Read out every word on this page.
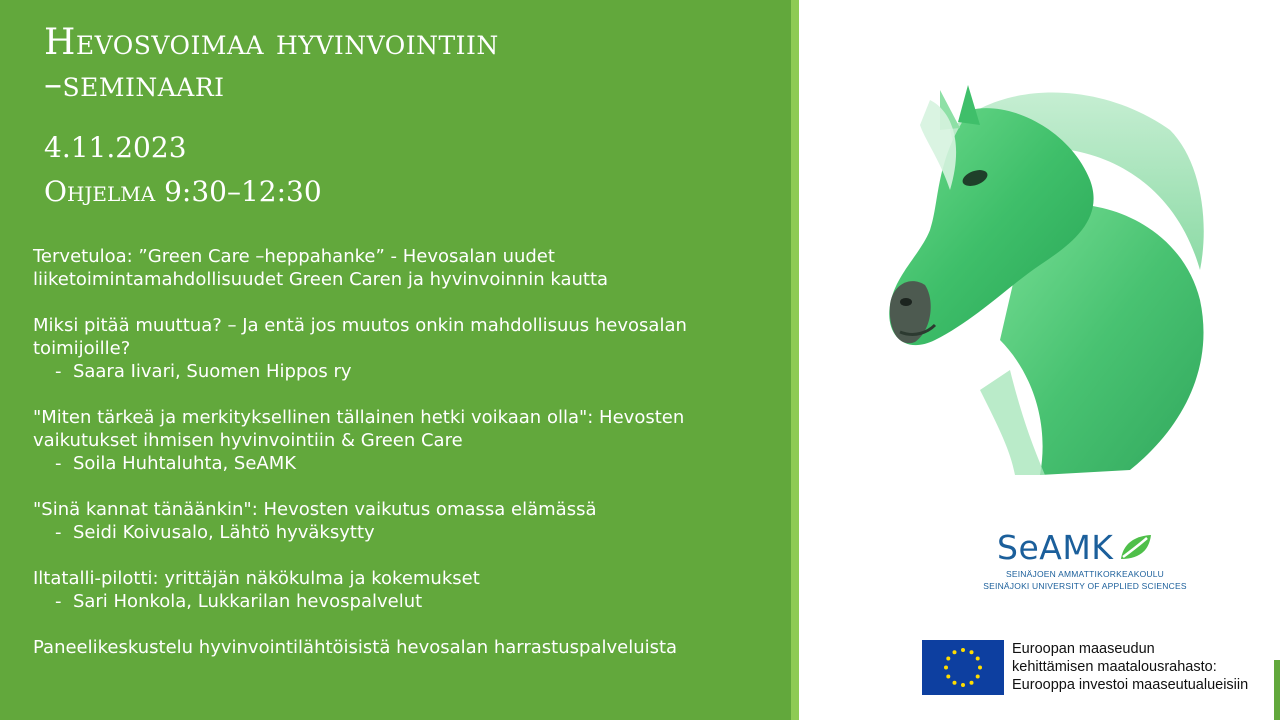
Hevosvoimaa hyvinvointiin
–seminaari
4.11.2023
Ohjelma 9:30–12:30

Tervetuloa: ”Green Care –heppahanke” - Hevosalan uudet

liiketoimintamahdollisuudet Green Caren ja hyvinvoinnin kautta

Miksi pitää muuttua? – Ja entä jos muutos onkin mahdollisuus hevosalan

toimijoille?

-  Saara Iivari, Suomen Hippos ry

"Miten tärkeä ja merkityksellinen tällainen hetki voikaan olla": Hevosten

vaikutukset ihmisen hyvinvointiin & Green Care

-  Soila Huhtaluhta, SeAMK

"Sinä kannat tänäänkin": Hevosten vaikutus omassa elämässä

-  Seidi Koivusalo, Lähtö hyväksytty

Iltatalli-pilotti: yrittäjän näkökulma ja kokemukset

-  Sari Honkola, Lukkarilan hevospalvelut

Paneelikeskustelu hyvinvointilähtöisistä hevosalan harrastuspalveluista

SeAMK
SEINÄJOEN AMMATTIKORKEAKOULU
SEINÄJOKI UNIVERSITY OF APPLIED SCIENCES
Euroopan maaseudun
kehittämisen maatalousrahasto:
Eurooppa investoi maaseutualueisiin
